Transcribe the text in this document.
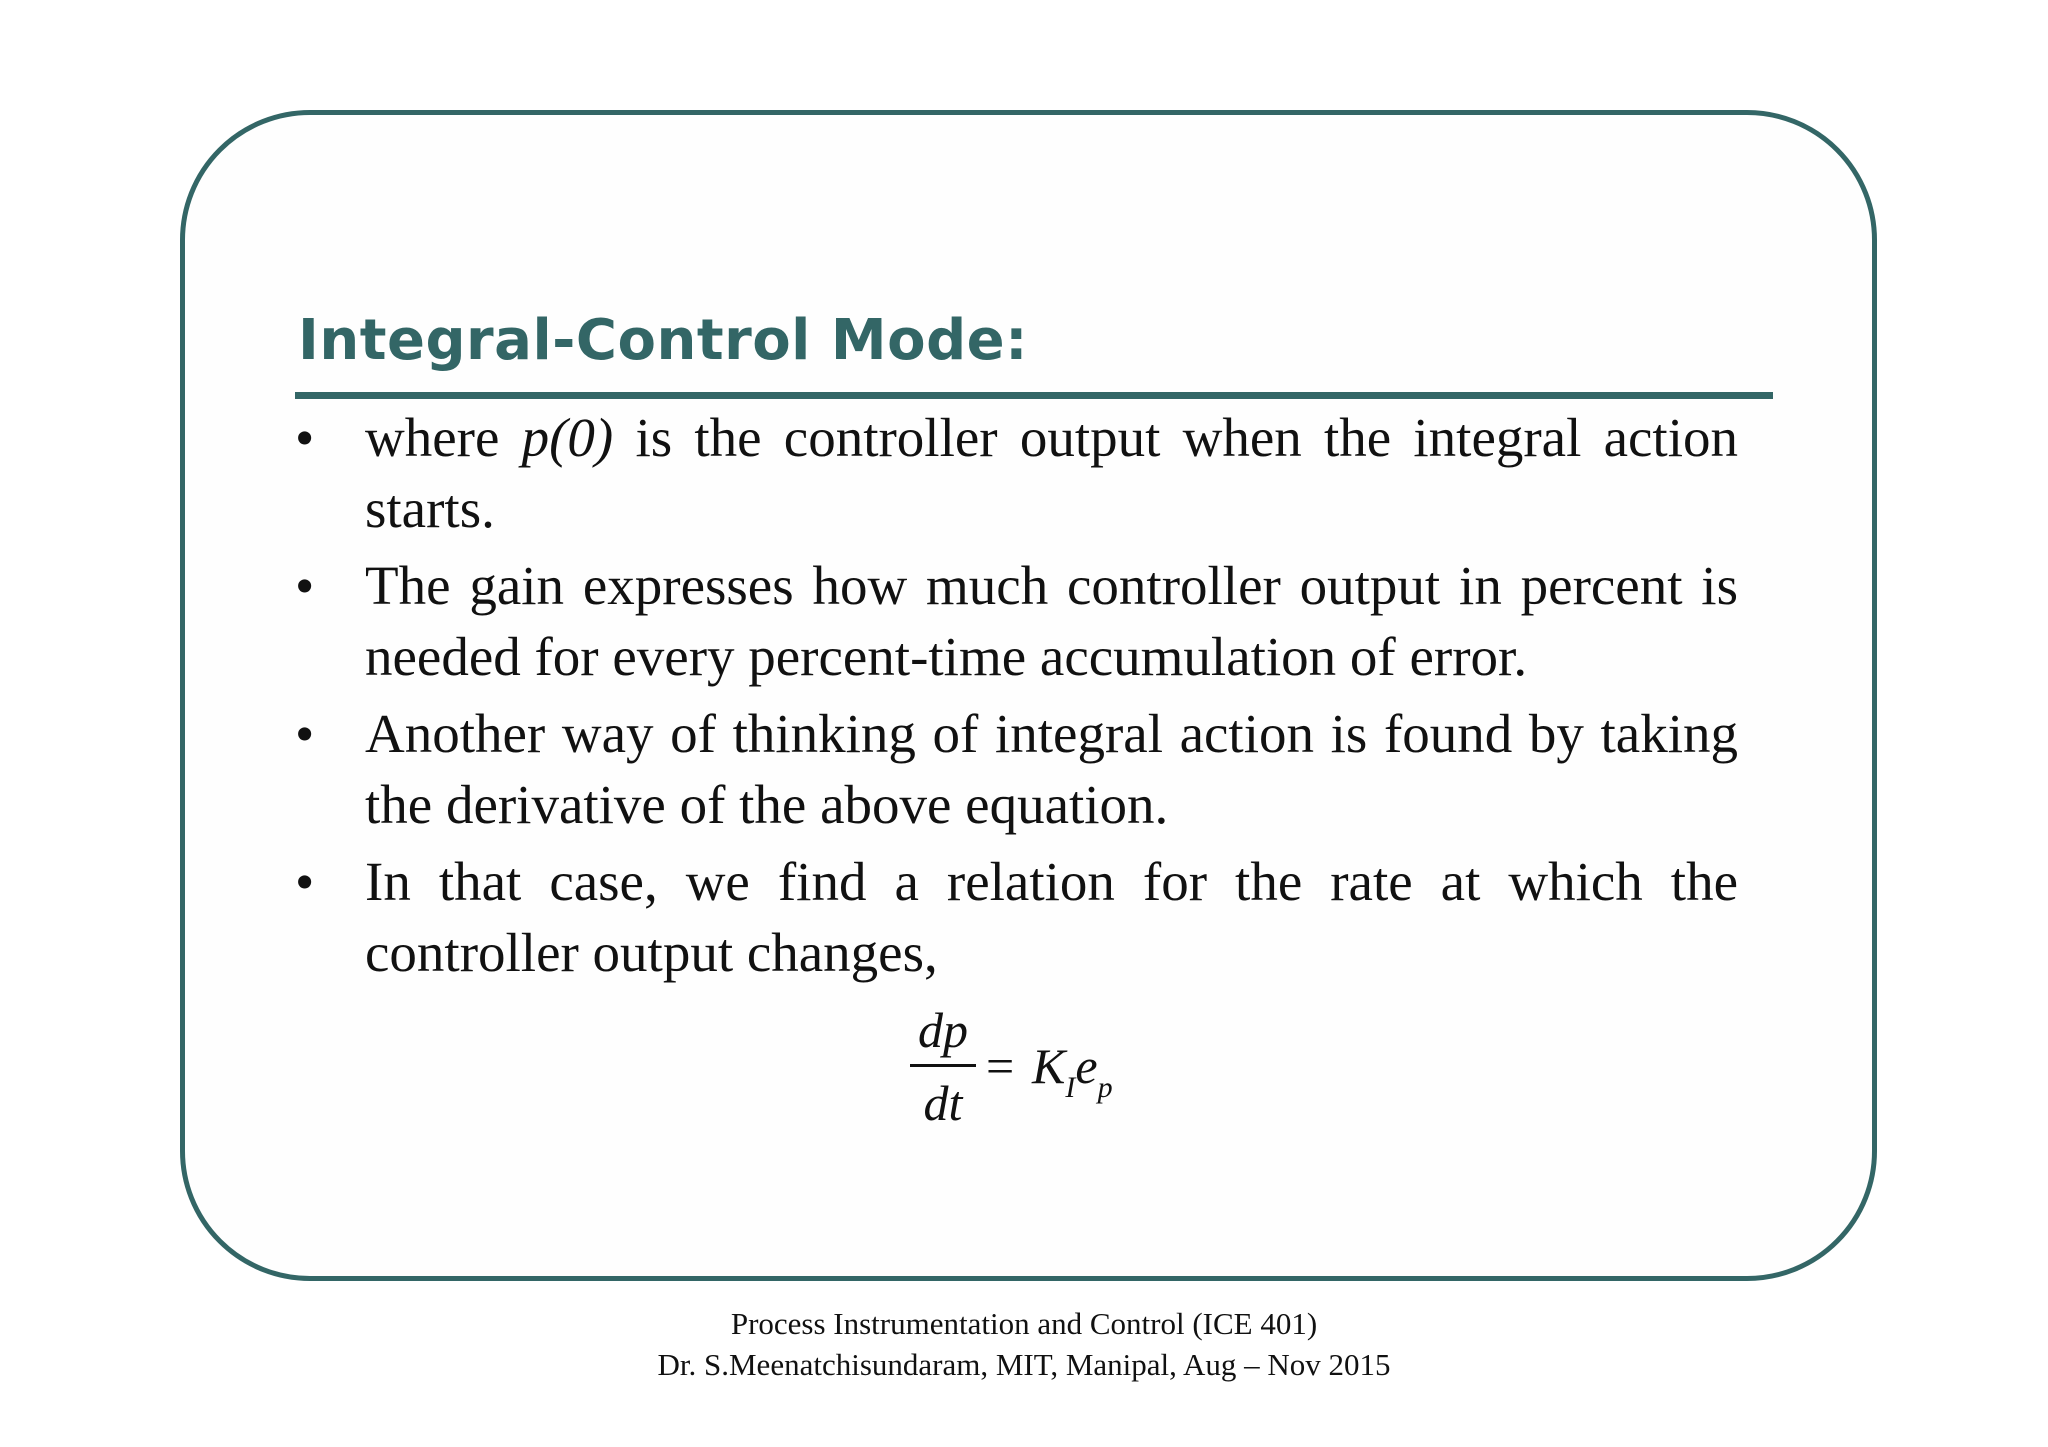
Integral-Control Mode:
• where p(0) is the controller output when the integral action starts.
• The gain expresses how much controller output in percent is needed for every percent-time accumulation of error.
• Another way of thinking of integral action is found by taking the derivative of the above equation.
• In that case, we find a relation for the rate at which the controller output changes,
dp
dt
= $K_Ie_p$
Process Instrumentation and Control (ICE 401)
Dr. S.Meenatchisundaram, MIT, Manipal, Aug – Nov 2015
